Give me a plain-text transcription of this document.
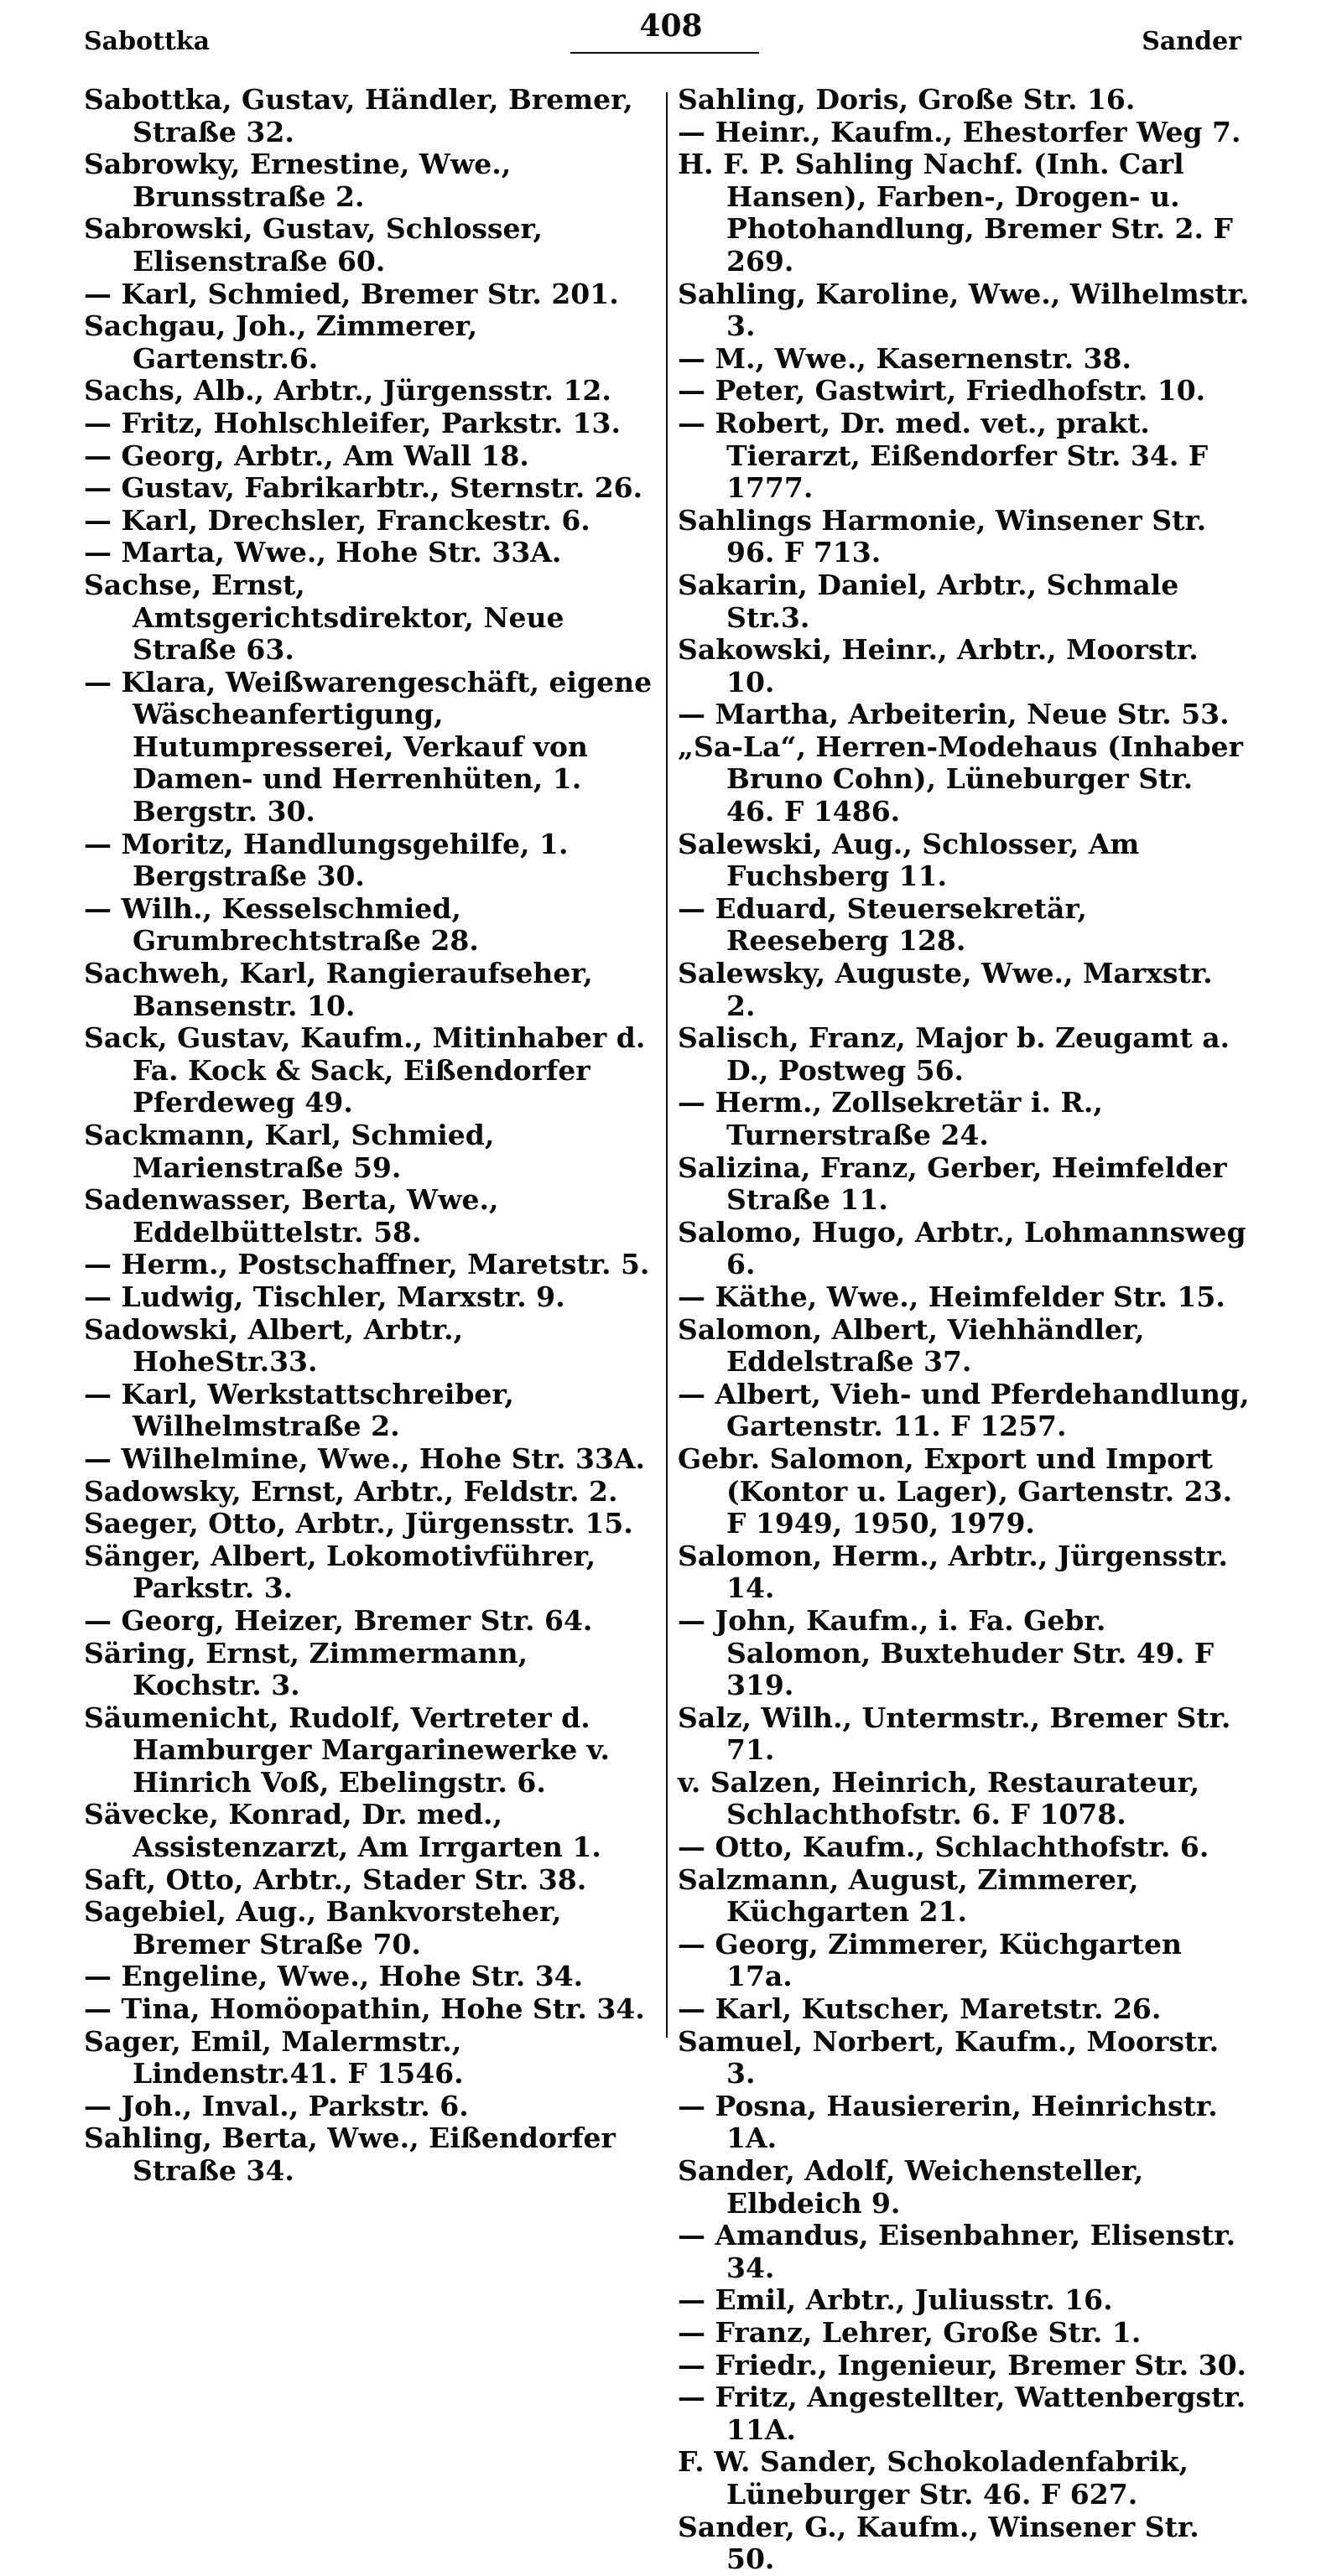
Sabottka	408	Sander
Sabottka, Gustav, Händler, Bremer, Straße 32.
Sabrowky, Ernestine, Wwe., Brunsstraße 2.
Sabrowski, Gustav, Schlosser, Elisenstraße 60.
— Karl, Schmied, Bremer Str. 201.
Sachgau, Joh., Zimmerer, Gartenstr.6.
Sachs, Alb., Arbtr., Jürgensstr. 12.
— Fritz, Hohlschleifer, Parkstr. 13.
— Georg, Arbtr., Am Wall 18.
— Gustav, Fabrikarbtr., Sternstr. 26.
— Karl, Drechsler, Franckestr. 6.
— Marta, Wwe., Hohe Str. 33A.
Sachse, Ernst, Amtsgerichtsdirektor, Neue Straße 63.
— Klara, Weißwarengeschäft, eigene Wäscheanfertigung, Hutumpresserei, Verkauf von Damen- und Herrenhüten, 1. Bergstr. 30.
— Moritz, Handlungsgehilfe, 1. Bergstraße 30.
— Wilh., Kesselschmied, Grumbrechtstraße 28.
Sachweh, Karl, Rangieraufseher, Bansenstr. 10.
Sack, Gustav, Kaufm., Mitinhaber d. Fa. Kock & Sack, Eißendorfer Pferdeweg 49.
Sackmann, Karl, Schmied, Marienstraße 59.
Sadenwasser, Berta, Wwe., Eddelbüttelstr. 58.
— Herm., Postschaffner, Maretstr. 5.
— Ludwig, Tischler, Marxstr. 9.
Sadowski, Albert, Arbtr., HoheStr.33.
— Karl, Werkstattschreiber, Wilhelmstraße 2.
— Wilhelmine, Wwe., Hohe Str. 33A.
Sadowsky, Ernst, Arbtr., Feldstr. 2.
Saeger, Otto, Arbtr., Jürgensstr. 15.
Sänger, Albert, Lokomotivführer, Parkstr. 3.
— Georg, Heizer, Bremer Str. 64.
Säring, Ernst, Zimmermann, Kochstr. 3.
Säumenicht, Rudolf, Vertreter d. Hamburger Margarinewerke v. Hinrich Voß, Ebelingstr. 6.
Sävecke, Konrad, Dr. med., Assistenzarzt, Am Irrgarten 1.
Saft, Otto, Arbtr., Stader Str. 38.
Sagebiel, Aug., Bankvorsteher, Bremer Straße 70.
— Engeline, Wwe., Hohe Str. 34.
— Tina, Homöopathin, Hohe Str. 34.
Sager, Emil, Malermstr., Lindenstr.41. F 1546.
— Joh., Inval., Parkstr. 6.
Sahling, Berta, Wwe., Eißendorfer Straße 34.
Sahling, Doris, Große Str. 16.
— Heinr., Kaufm., Ehestorfer Weg 7.
H. F. P. Sahling Nachf. (Inh. Carl Hansen), Farben-, Drogen- u. Photohandlung, Bremer Str. 2. F 269.
Sahling, Karoline, Wwe., Wilhelmstr. 3.
— M., Wwe., Kasernenstr. 38.
— Peter, Gastwirt, Friedhofstr. 10.
— Robert, Dr. med. vet., prakt. Tierarzt, Eißendorfer Str. 34. F 1777.
Sahlings Harmonie, Winsener Str. 96. F 713.
Sakarin, Daniel, Arbtr., Schmale Str.3.
Sakowski, Heinr., Arbtr., Moorstr. 10.
— Martha, Arbeiterin, Neue Str. 53.
„Sa-La“, Herren-Modehaus (Inhaber Bruno Cohn), Lüneburger Str. 46. F 1486.
Salewski, Aug., Schlosser, Am Fuchsberg 11.
— Eduard, Steuersekretär, Reeseberg 128.
Salewsky, Auguste, Wwe., Marxstr. 2.
Salisch, Franz, Major b. Zeugamt a. D., Postweg 56.
— Herm., Zollsekretär i. R., Turnerstraße 24.
Salizina, Franz, Gerber, Heimfelder Straße 11.
Salomo, Hugo, Arbtr., Lohmannsweg 6.
— Käthe, Wwe., Heimfelder Str. 15.
Salomon, Albert, Viehhändler, Eddelstraße 37.
— Albert, Vieh- und Pferdehandlung, Gartenstr. 11. F 1257.
Gebr. Salomon, Export und Import (Kontor u. Lager), Gartenstr. 23. F 1949, 1950, 1979.
Salomon, Herm., Arbtr., Jürgensstr. 14.
— John, Kaufm., i. Fa. Gebr. Salomon, Buxtehuder Str. 49. F 319.
Salz, Wilh., Untermstr., Bremer Str. 71.
v. Salzen, Heinrich, Restaurateur, Schlachthofstr. 6. F 1078.
— Otto, Kaufm., Schlachthofstr. 6.
Salzmann, August, Zimmerer, Küchgarten 21.
— Georg, Zimmerer, Küchgarten 17a.
— Karl, Kutscher, Maretstr. 26.
Samuel, Norbert, Kaufm., Moorstr. 3.
— Posna, Hausiererin, Heinrichstr. 1A.
Sander, Adolf, Weichensteller, Elbdeich 9.
— Amandus, Eisenbahner, Elisenstr. 34.
— Emil, Arbtr., Juliusstr. 16.
— Franz, Lehrer, Große Str. 1.
— Friedr., Ingenieur, Bremer Str. 30.
— Fritz, Angestellter, Wattenbergstr. 11A.
F. W. Sander, Schokoladenfabrik, Lüneburger Str. 46. F 627.
Sander, G., Kaufm., Winsener Str. 50.
